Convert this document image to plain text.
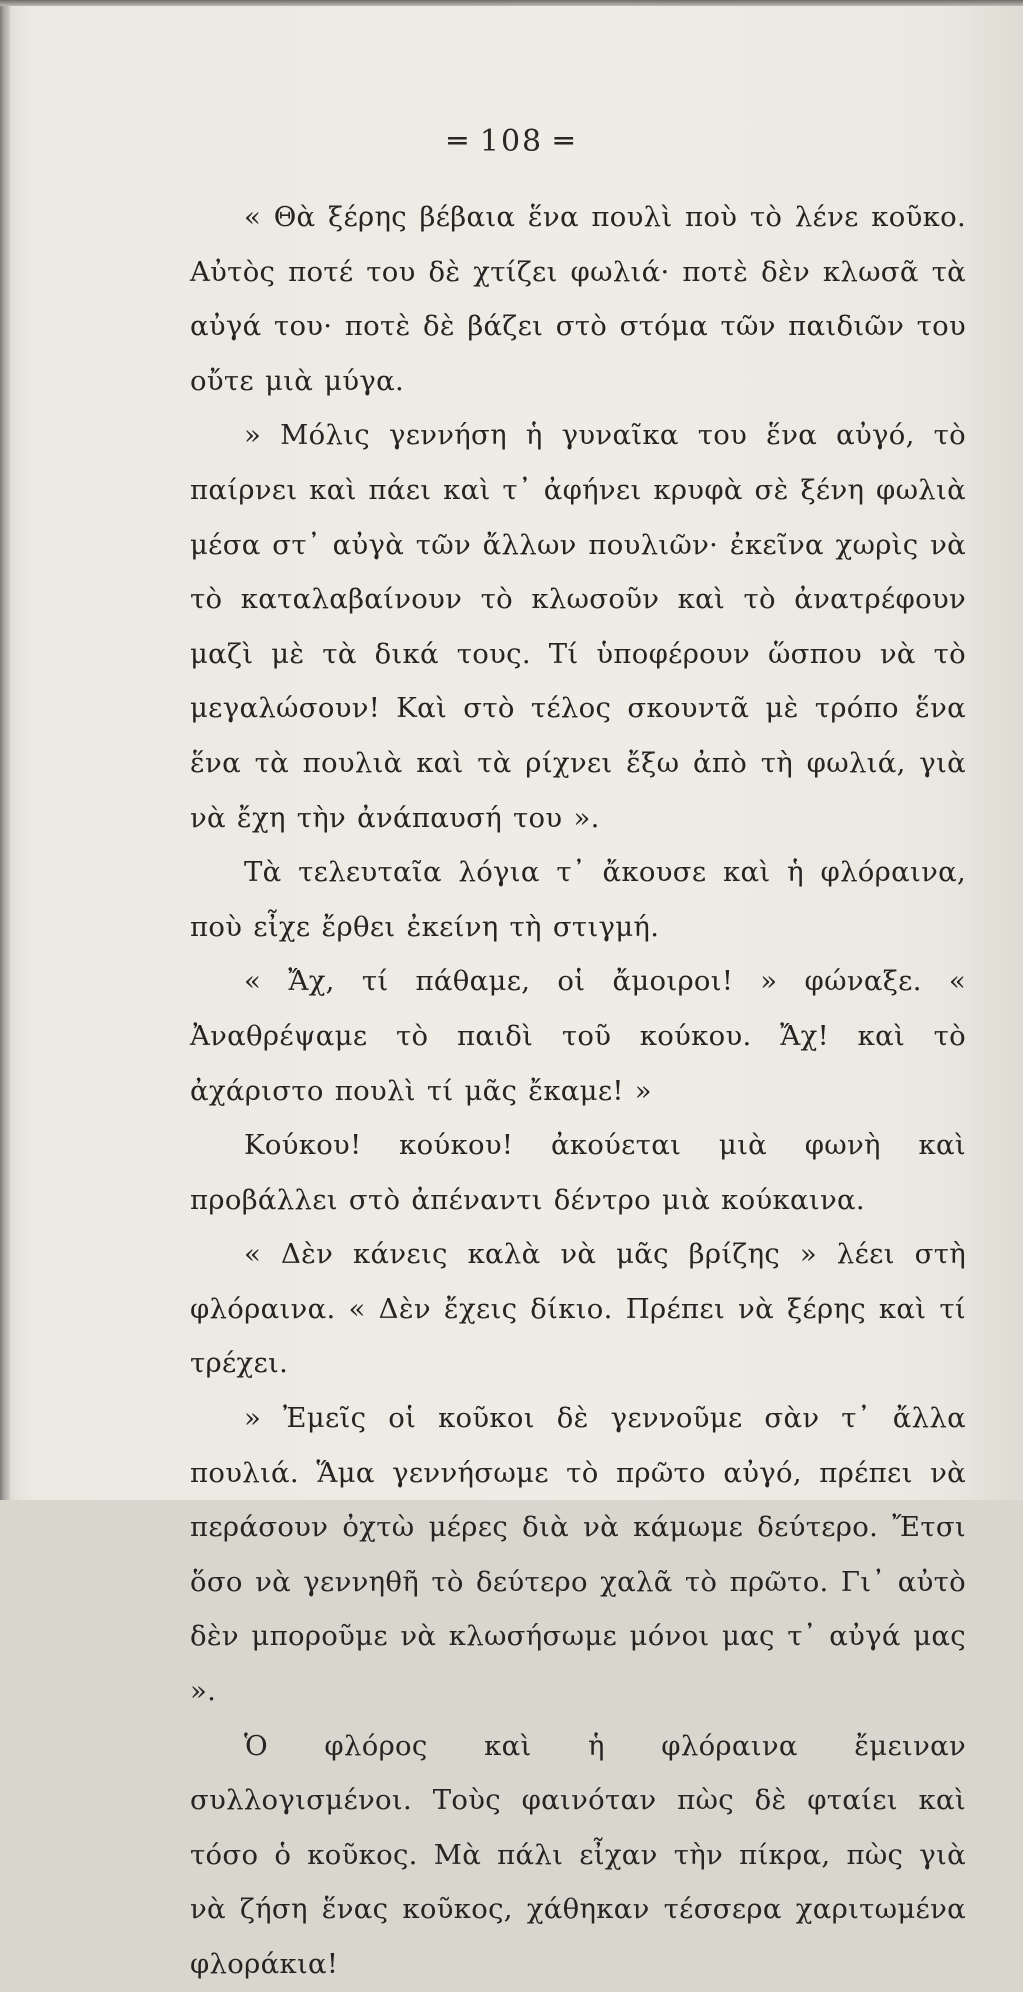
═ 108 ═

« Θὰ ξέρης βέβαια ἕνα πουλὶ ποὺ τὸ λένε κοῦκο. Αὐτὸς ποτέ του δὲ χτίζει φωλιά· ποτὲ δὲν κλωσᾶ τὰ αὐγά του· ποτὲ δὲ βάζει στὸ στόμα τῶν παιδιῶν του οὔτε μιὰ μύγα.

» Μόλις γεννήση ἡ γυναῖκα του ἕνα αὐγό, τὸ παίρνει καὶ πάει καὶ τ᾽ ἀφήνει κρυφὰ σὲ ξένη φωλιὰ μέσα στ᾽ αὐγὰ τῶν ἄλλων πουλιῶν· ἐκεῖνα χωρὶς νὰ τὸ καταλαβαίνουν τὸ κλωσοῦν καὶ τὸ ἀνατρέφουν μαζὶ μὲ τὰ δικά τους. Τί ὑποφέρουν ὥσπου νὰ τὸ μεγαλώσουν! Καὶ στὸ τέλος σκουντᾶ μὲ τρόπο ἕνα ἕνα τὰ πουλιὰ καὶ τὰ ρίχνει ἔξω ἀπὸ τὴ φωλιά, γιὰ νὰ ἔχη τὴν ἀνάπαυσή του ».

Τὰ τελευταῖα λόγια τ᾽ ἄκουσε καὶ ἡ φλόραινα, ποὺ εἶχε ἔρθει ἐκείνη τὴ στιγμή.

« Ἄχ, τί πάθαμε, οἱ ἄμοιροι! » φώναξε. « Ἀναθρέψαμε τὸ παιδὶ τοῦ κούκου. Ἄχ! καὶ τὸ ἀχάριστο πουλὶ τί μᾶς ἔκαμε! »

Κούκου! κούκου! ἀκούεται μιὰ φωνὴ καὶ προβάλλει στὸ ἀπέναντι δέντρο μιὰ κούκαινα.

« Δὲν κάνεις καλὰ νὰ μᾶς βρίζης » λέει στὴ φλόραινα. « Δὲν ἔχεις δίκιο. Πρέπει νὰ ξέρης καὶ τί τρέχει.

» Ἐμεῖς οἱ κοῦκοι δὲ γεννοῦμε σὰν τ᾽ ἄλλα πουλιά. Ἅμα γεννήσωμε τὸ πρῶτο αὐγό, πρέπει νὰ περάσουν ὀχτὼ μέρες διὰ νὰ κάμωμε δεύτερο. Ἔτσι ὅσο νὰ γεννηθῆ τὸ δεύτερο χαλᾶ τὸ πρῶτο. Γι᾽ αὐτὸ δὲν μποροῦμε νὰ κλωσήσωμε μόνοι μας τ᾽ αὐγά μας ».

Ὁ φλόρος καὶ ἡ φλόραινα ἔμειναν συλλογισμένοι. Τοὺς φαινόταν πὼς δὲ φταίει καὶ τόσο ὁ κοῦκος. Μὰ πάλι εἶχαν τὴν πίκρα, πὼς γιὰ νὰ ζήση ἕνας κοῦκος, χάθηκαν τέσσερα χαριτωμένα φλοράκια!
